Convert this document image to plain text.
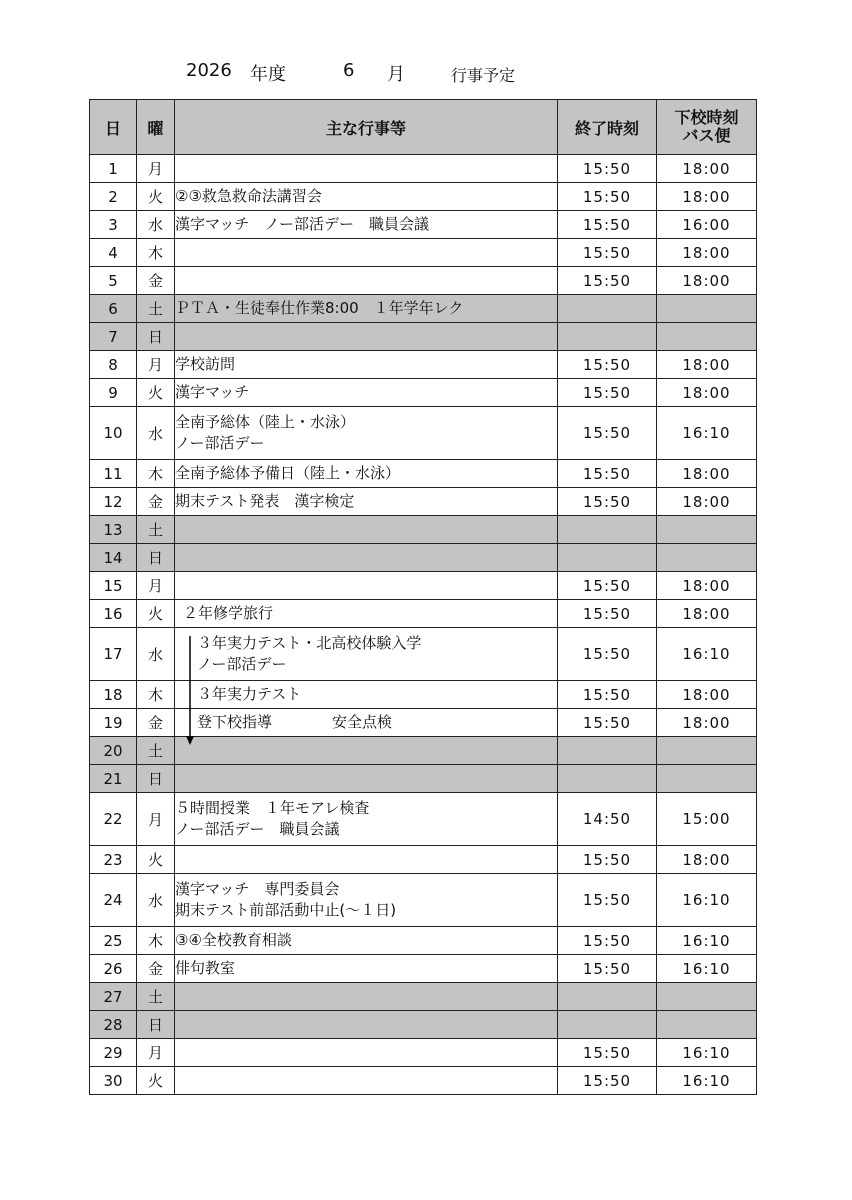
2026 年度	6 月	行事予定
日	曜	主な行事等	終了時刻	下校時刻
バス便

1	月		15:50	18:00
2	火	②③救急救命法講習会	15:50	18:00
3	水	漢字マッチ　ノー部活デー　職員会議	15:50	16:00
4	木		15:50	18:00
5	金		15:50	18:00
6	土	ＰＴＡ・生徒奉仕作業8:00　１年学年レク		

7	日	

8	月	学校訪問	15:50	18:00
9	火	漢字マッチ	15:50	18:00
10	水	全南予総体（陸上・水泳）
ノー部活デー	15:50	16:10
11	木	全南予総体予備日（陸上・水泳）	15:50	18:00
12	金	期末テスト発表　漢字検定	15:50	18:00
13	土	

14	日	

15	月		15:50	18:00
16	火	２年修学旅行	15:50	18:00
17	水	３年実力テスト・北高校体験入学
ノー部活デー	15:50	16:10
18	木	３年実力テスト	15:50	18:00
19	金	登下校指導　　　　安全点検	15:50	18:00
20	土	

21	日	

22	月	５時間授業　１年モアレ検査
ノー部活デー　職員会議	14:50	15:00
23	火		15:50	18:00
24	水	漢字マッチ　専門委員会
期末テスト前部活動中止(～１日)	15:50	16:10
25	木	③④全校教育相談	15:50	16:10
26	金	俳句教室	15:50	16:10
27	土	

28	日	

29	月		15:50	16:10
30	火		15:50	16:10
